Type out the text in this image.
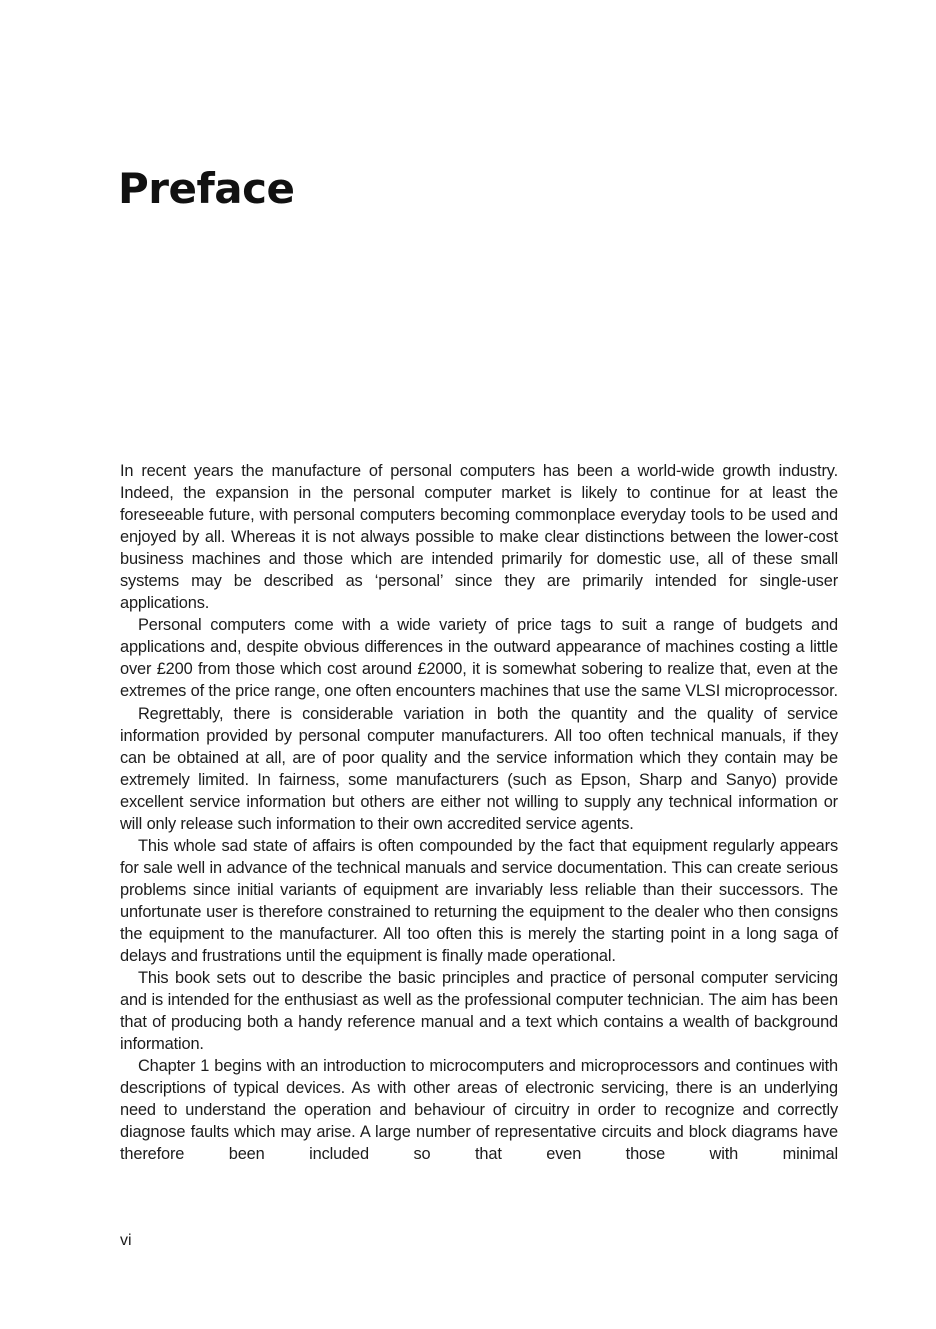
Preface

In recent years the manufacture of personal computers has been a world-wide growth industry. Indeed, the expansion in the personal computer market is likely to continue for at least the foreseeable future, with personal computers becoming commonplace everyday tools to be used and enjoyed by all. Whereas it is not always possible to make clear distinctions between the lower-cost business machines and those which are intended primarily for domestic use, all of these small systems may be described as ‘personal’ since they are primarily intended for single-user applications.

Personal computers come with a wide variety of price tags to suit a range of budgets and applications and, despite obvious differences in the outward appearance of machines costing a little over £200 from those which cost around £2000, it is somewhat sobering to realize that, even at the extremes of the price range, one often encounters machines that use the same VLSI microprocessor.

Regrettably, there is considerable variation in both the quantity and the quality of service information provided by personal computer manufacturers. All too often technical manuals, if they can be obtained at all, are of poor quality and the service information which they contain may be extremely limited. In fairness, some manufacturers (such as Epson, Sharp and Sanyo) provide excellent service information but others are either not willing to supply any technical information or will only release such information to their own accredited service agents.

This whole sad state of affairs is often compounded by the fact that equipment regularly appears for sale well in advance of the technical manuals and service documentation. This can create serious problems since initial variants of equipment are invariably less reliable than their successors. The unfortunate user is therefore constrained to returning the equipment to the dealer who then consigns the equipment to the manufacturer. All too often this is merely the starting point in a long saga of delays and frustrations until the equipment is finally made operational.

This book sets out to describe the basic principles and practice of personal computer servicing and is intended for the enthusiast as well as the professional computer technician. The aim has been that of producing both a handy reference manual and a text which contains a wealth of background information.

Chapter 1 begins with an introduction to microcomputers and microprocessors and continues with descriptions of typical devices. As with other areas of electronic servicing, there is an underlying need to understand the operation and behaviour of circuitry in order to recognize and correctly diagnose faults which may arise. A large number of representative circuits and block diagrams have therefore been included so that even those with minimal

vi
